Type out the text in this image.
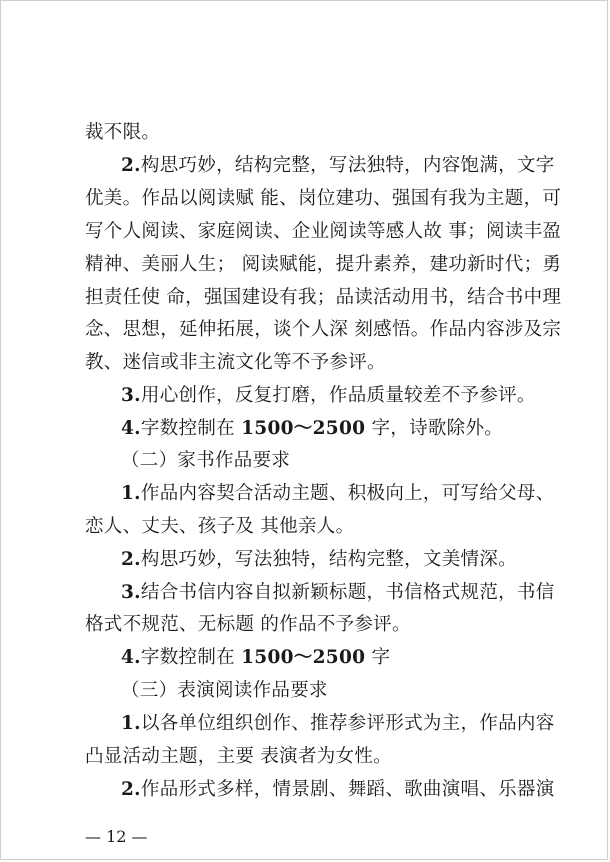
裁不限。
2.构思巧妙，结构完整，写法独特，内容饱满，文字
优美。作品以阅读赋 能、岗位建功、强国有我为主题，可
写个人阅读、家庭阅读、企业阅读等感人故 事；阅读丰盈
精神、美丽人生； 阅读赋能，提升素养，建功新时代；勇
担责任使 命，强国建设有我；品读活动用书，结合书中理
念、思想，延伸拓展，谈个人深 刻感悟。作品内容涉及宗
教、迷信或非主流文化等不予参评。
3.用心创作，反复打磨，作品质量较差不予参评。
4.字数控制在 1500～2500 字，诗歌除外。
（二）家书作品要求
1.作品内容契合活动主题、积极向上，可写给父母、
恋人、丈夫、孩子及 其他亲人。
2.构思巧妙，写法独特，结构完整，文美情深。
3.结合书信内容自拟新颖标题，书信格式规范，书信
格式不规范、无标题 的作品不予参评。
4.字数控制在 1500～2500 字
（三）表演阅读作品要求
1.以各单位组织创作、推荐参评形式为主，作品内容
凸显活动主题，主要 表演者为女性。
2.作品形式多样，情景剧、舞蹈、歌曲演唱、乐器演
— 12 —
